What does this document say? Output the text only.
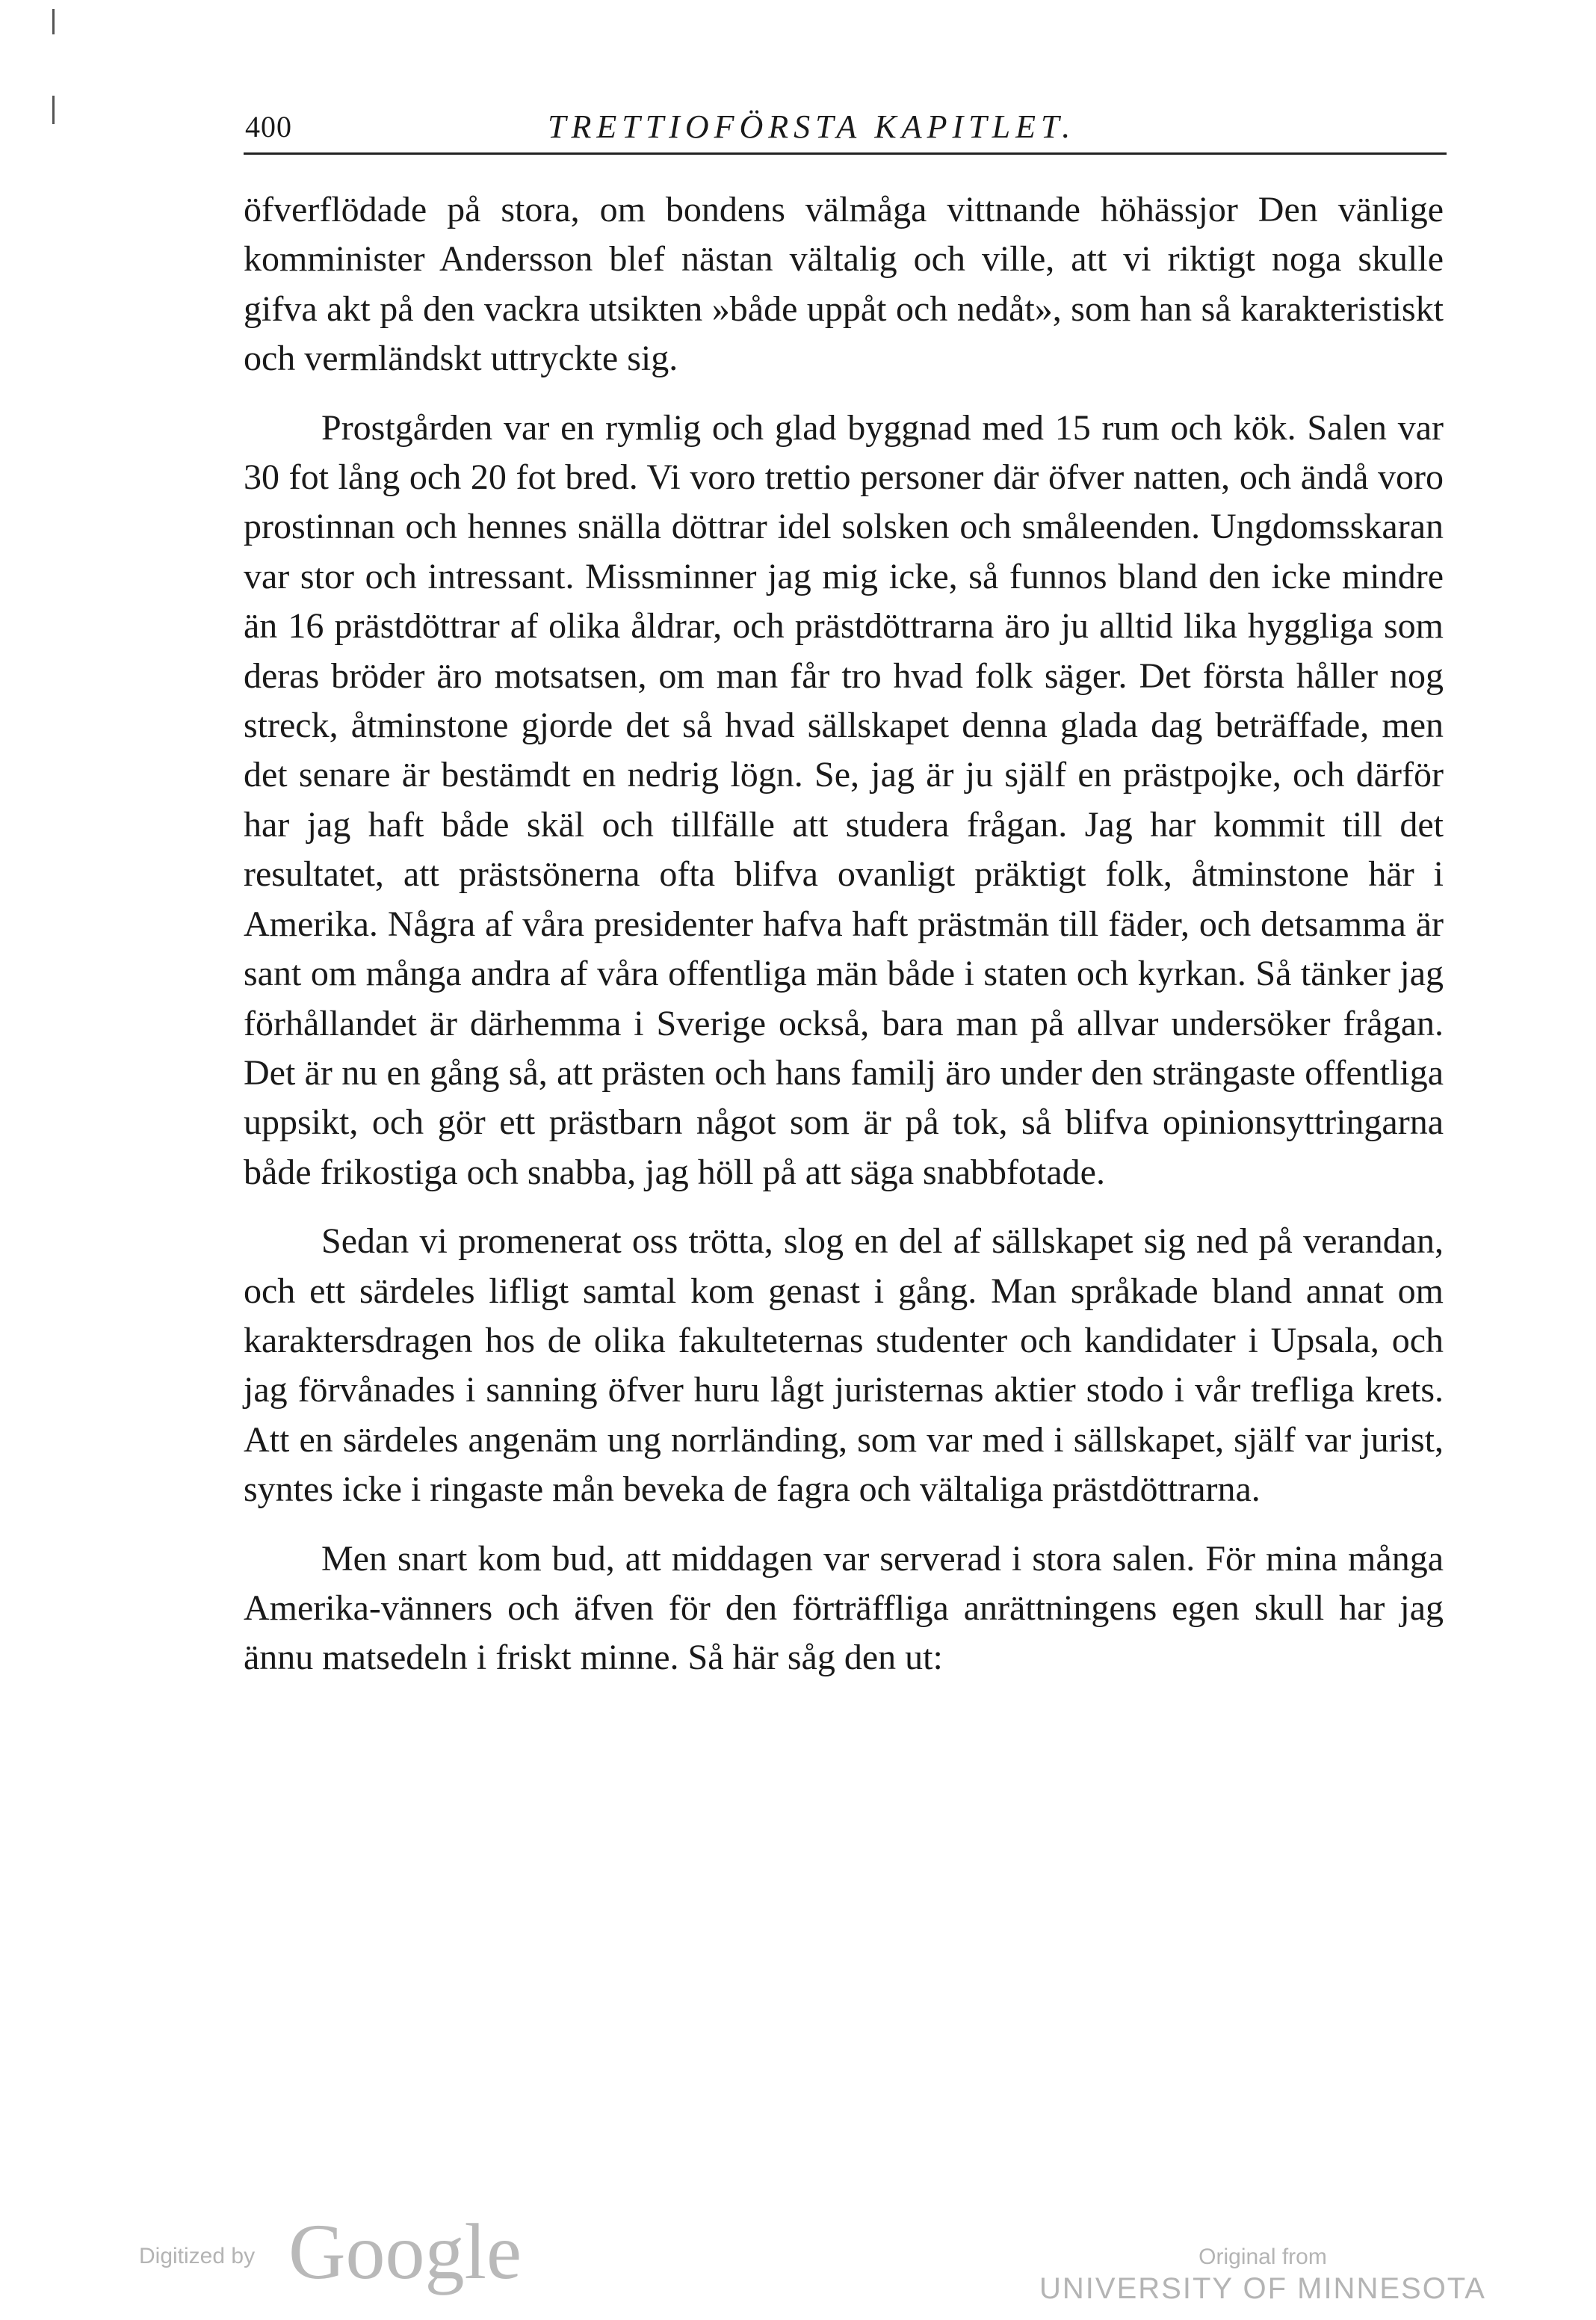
400	TRETTIOFÖRSTA KAPITLET.

öfverflödade på stora, om bondens välmåga vittnande höhässjor Den vänlige komminister Andersson blef nästan vältalig och ville, att vi riktigt noga skulle gifva akt på den vackra utsikten »både uppåt och nedåt», som han så karakteristiskt och vermländskt uttryckte sig.

Prostgården var en rymlig och glad byggnad med 15 rum och kök. Salen var 30 fot lång och 20 fot bred. Vi voro trettio personer där öfver natten, och ändå voro prostinnan och hennes snälla döttrar idel solsken och småleenden. Ungdomsskaran var stor och intressant. Missminner jag mig icke, så funnos bland den icke mindre än 16 prästdöttrar af olika åldrar, och prästdöttrarna äro ju alltid lika hyggliga som deras bröder äro motsatsen, om man får tro hvad folk säger. Det första håller nog streck, åtminstone gjorde det så hvad sällskapet denna glada dag beträffade, men det senare är bestämdt en nedrig lögn. Se, jag är ju själf en prästpojke, och därför har jag haft både skäl och tillfälle att studera frågan. Jag har kommit till det resultatet, att prästsönerna ofta blifva ovanligt präktigt folk, åtminstone här i Amerika. Några af våra presidenter hafva haft prästmän till fäder, och detsamma är sant om många andra af våra offentliga män både i staten och kyrkan. Så tänker jag förhållandet är därhemma i Sverige också, bara man på allvar undersöker frågan. Det är nu en gång så, att prästen och hans familj äro under den strängaste offentliga uppsikt, och gör ett prästbarn något som är på tok, så blifva opinionsyttringarna både frikostiga och snabba, jag höll på att säga snabbfotade.

Sedan vi promenerat oss trötta, slog en del af sällskapet sig ned på verandan, och ett särdeles lifligt samtal kom genast i gång. Man språkade bland annat om karaktersdragen hos de olika fakulteternas studenter och kandidater i Upsala, och jag förvånades i sanning öfver huru lågt juristernas aktier stodo i vår trefliga krets. Att en särdeles angenäm ung norrländing, som var med i sällskapet, själf var jurist, syntes icke i ringaste mån beveka de fagra och vältaliga prästdöttrarna.

Men snart kom bud, att middagen var serverad i stora salen. För mina många Amerika-vänners och äfven för den förträffliga anrättningens egen skull har jag ännu matsedeln i friskt minne. Så här såg den ut:

Digitized by Google	Original from
UNIVERSITY OF MINNESOTA
